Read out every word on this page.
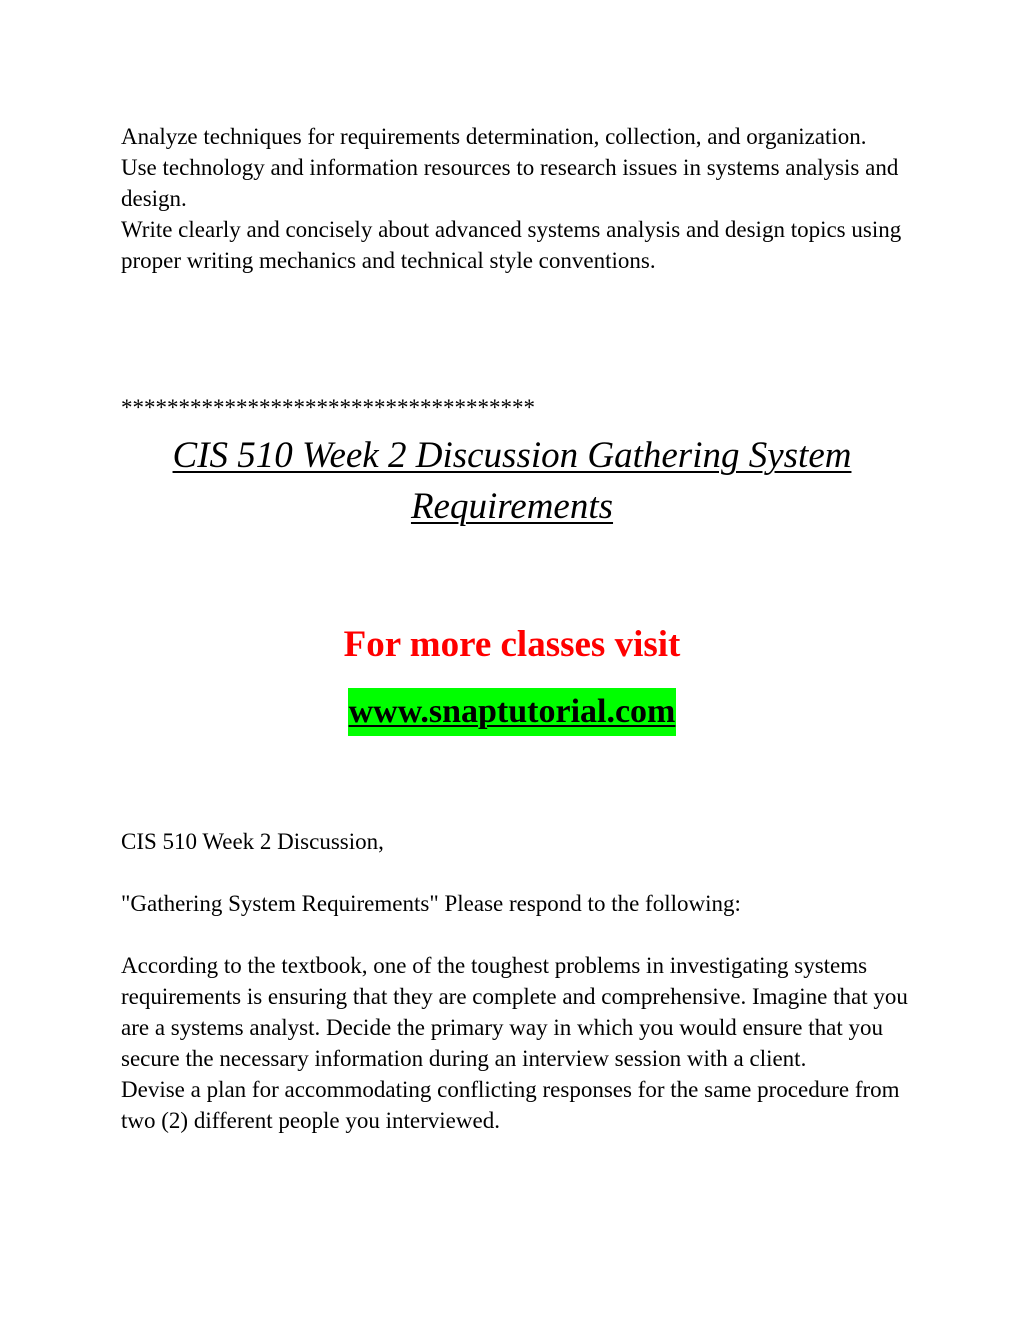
Analyze techniques for requirements determination, collection, and organization.

Use technology and information resources to research issues in systems analysis and design.

Write clearly and concisely about advanced systems analysis and design topics using proper writing mechanics and technical style conventions.

************************************
CIS 510 Week 2 Discussion Gathering System Requirements
For more classes visit
www.snaptutorial.com

CIS 510 Week 2 Discussion,

"Gathering System Requirements" Please respond to the following:

According to the textbook, one of the toughest problems in investigating systems requirements is ensuring that they are complete and comprehensive. Imagine that you are a systems analyst. Decide the primary way in which you would ensure that you secure the necessary information during an interview session with a client.

Devise a plan for accommodating conflicting responses for the same procedure from two (2) different people you interviewed.
